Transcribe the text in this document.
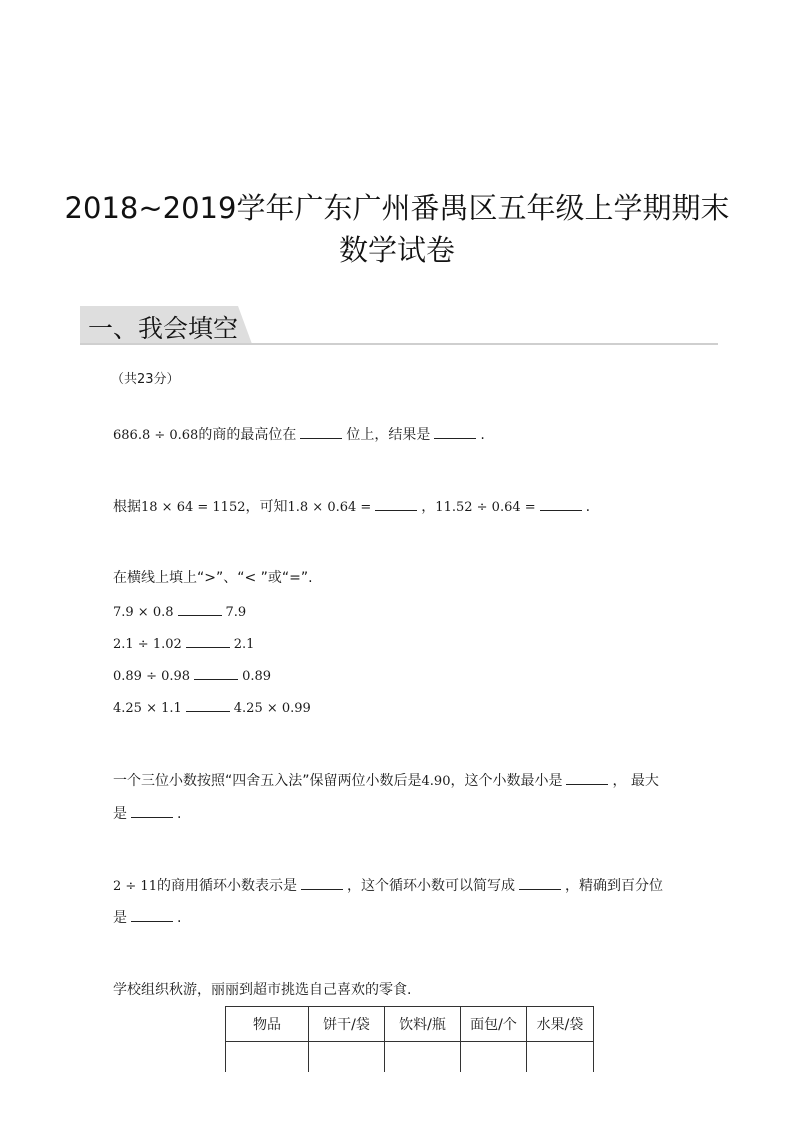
2018~2019学年广东广州番禺区五年级上学期期末
数学试卷
一、我会填空
（共23分）
686.8 ÷ 0.68的商的最高位在	位上，结果是	.
根据18 × 64 = 1152，可知1.8 × 0.64 =	，11.52 ÷ 0.64 =	.
在横线上填上“>”、“< ”或“=”.
7.9 × 0.8	7.9
2.1 ÷ 1.02	2.1
0.89 ÷ 0.98	0.89
4.25 × 1.1	4.25 × 0.99
一个三位小数按照“四舍五入法”保留两位小数后是4.90，这个小数最小是	， 最大
是	.
2 ÷ 11的商用循环小数表示是	，这个循环小数可以简写成	，精确到百分位
是	.
学校组织秋游，丽丽到超市挑选自己喜欢的零食.
物品	饼干/袋	饮料/瓶	面包/个	水果/袋
